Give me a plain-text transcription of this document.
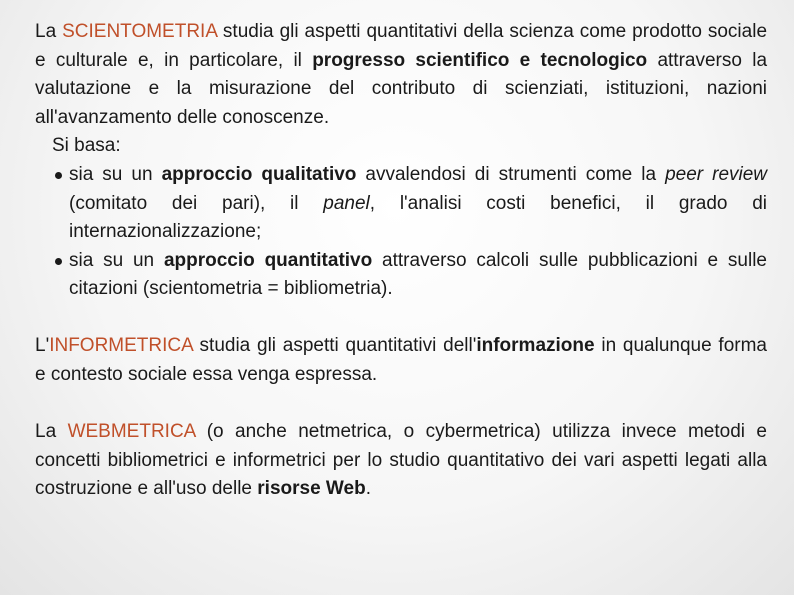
La SCIENTOMETRIA studia gli aspetti quantitativi della scienza come prodotto sociale e culturale e, in particolare, il progresso scientifico e tecnologico attraverso la valutazione e la misurazione del contributo di scienziati, istituzioni, nazioni all'avanzamento delle conoscenze.

Si basa:
sia su un approccio qualitativo avvalendosi di strumenti come la peer review (comitato dei pari), il panel, l'analisi costi benefici, il grado di internazionalizzazione;
sia su un approccio quantitativo attraverso calcoli sulle pubblicazioni e sulle citazioni (scientometria = bibliometria).

L'INFORMETRICA studia gli aspetti quantitativi dell'informazione in qualunque forma e contesto sociale essa venga espressa.

La WEBMETRICA (o anche netmetrica, o cybermetrica) utilizza invece metodi e concetti bibliometrici e informetrici per lo studio quantitativo dei vari aspetti legati alla costruzione e all'uso delle risorse Web.
